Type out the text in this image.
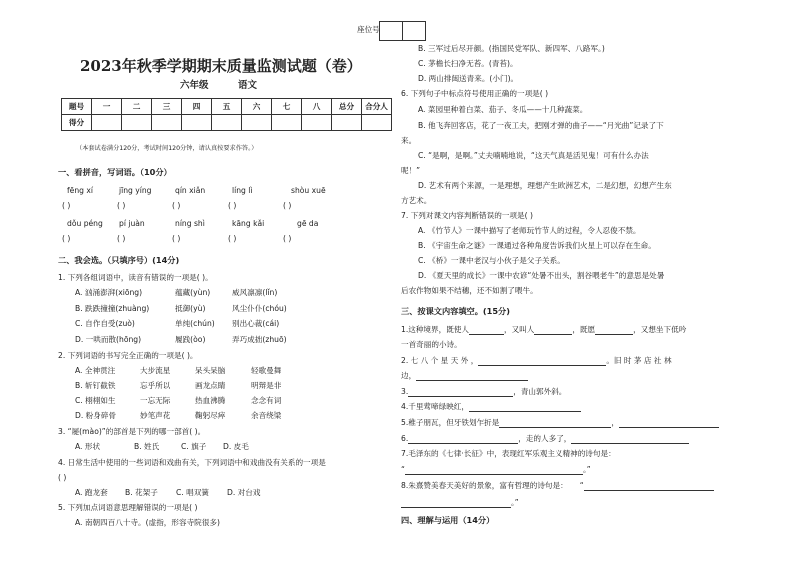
座位号
2023年秋季学期期末质量监测试题（卷）
六年级	语文
题号	一	二	三	四	五	六	七	八	总分	合分人
得分										
（本套试卷满分120分，考试时间120分钟，请认真按要求作答。）
一、看拼音，写词语。（10分）
fēng xí	jīng yíng	qín xiǎn	líng lì	shòu xuē
( )	( )	( )	( )	( )
dǒu péng pí juàn	níng shì	kāng kǎi	gē da
( )	( )	( )	( )	( )
二、我会选。（只填序号）(14分)
1. 下列各组词语中，读音有错误的一项是( )。
A. 汹涌澎湃(xiōng)	蕴藏(yùn)	威风凛凛(lǐn)
B. 跌跌撞撞(zhuàng)	抵御(yù)	风尘仆仆(chóu)
C. 自作自受(zuò)	单纯(chún) 别出心裁(cái)
D. 一哄而散(hōng)	履践(òo)	弄巧成拙(zhuō)
2. 下列词语的书写完全正确的一项是( )。
A. 全神贯注	大步流星	呆头呆脑	轻歌曼舞
B. 斩钉截铁	忘乎所以	画龙点睛	明辩是非
C. 栩栩如生	一忘无际	热血沸腾	念念有词
D. 粉身碎骨	妙笔声花	鞠躬尽瘁	余音绕梁
3. “屣(mào)”的部首是下列的哪一部首( )。
A. 形状	B. 姓氏	C. 旗子 D. 皮毛
4. 日常生活中使用的一些词语和戏曲有关，下列词语中和戏曲没有关系的一项是
( )
A. 跑龙套 B. 花架子 C. 唱双簧 D. 对台戏
5. 下列加点词语意思理解错误的一项是( )
A. 南朝四百八十寺。(虚指，形容寺院很多)
B. 三军过后尽开颜。(指国民党军队、新四军、八路军。)
C. 茅檐长扫净无苔。(青苔)。
D. 两山排闼送青来。(小门)。
6. 下列句子中标点符号使用正确的一项是( )
A. 菜园里种着白菜、茄子、冬瓜——十几种蔬菜。
B. 他飞奔回客店，花了一夜工夫，把刚才弹的曲子——“月光曲”记录了下
来。
C. “是啊，是啊。”丈夫喃喃地说，“这天气真是活见鬼！可有什么办法
呢！”
D. 艺术有两个来源，一是理想，理想产生欧洲艺术，二是幻想，幻想产生东
方艺术。
7. 下列对课文内容判断错误的一项是( )
A. 《竹节人》一课中描写了老师玩竹节人的过程，令人忍俊不禁。
B. 《宇宙生命之谜》一课通过各种角度告诉我们火星上可以存在生命。
C. 《桥》一课中老汉与小伙子是父子关系。
D. 《夏天里的成长》一课中农谚“处暑不出头，割谷喂老牛”的意思是处暑
后农作物如果不结穗，还不如割了喂牛。
三、按课文内容填空。(15分)
1.这种境界，既使人	，又叫人	，既愿	，又想坐下低吟
一首奇丽的小诗。
2. 七 八 个 星 天 外 ，	。旧 时 茅 店 社 林
边，
3.	，青山郭外斜。
4.千里莺啼绿映红，
5.稚子朋瓦，但牙铁划乍折是	，
6.	，走的人多了，
7.毛泽东的《七律·长征》中，表现红军乐观主义精神的诗句是：
“	。”
8.朱熹赞美春天美好的景象，富有哲理的诗句是： “
。”
四、理解与运用（14分）
